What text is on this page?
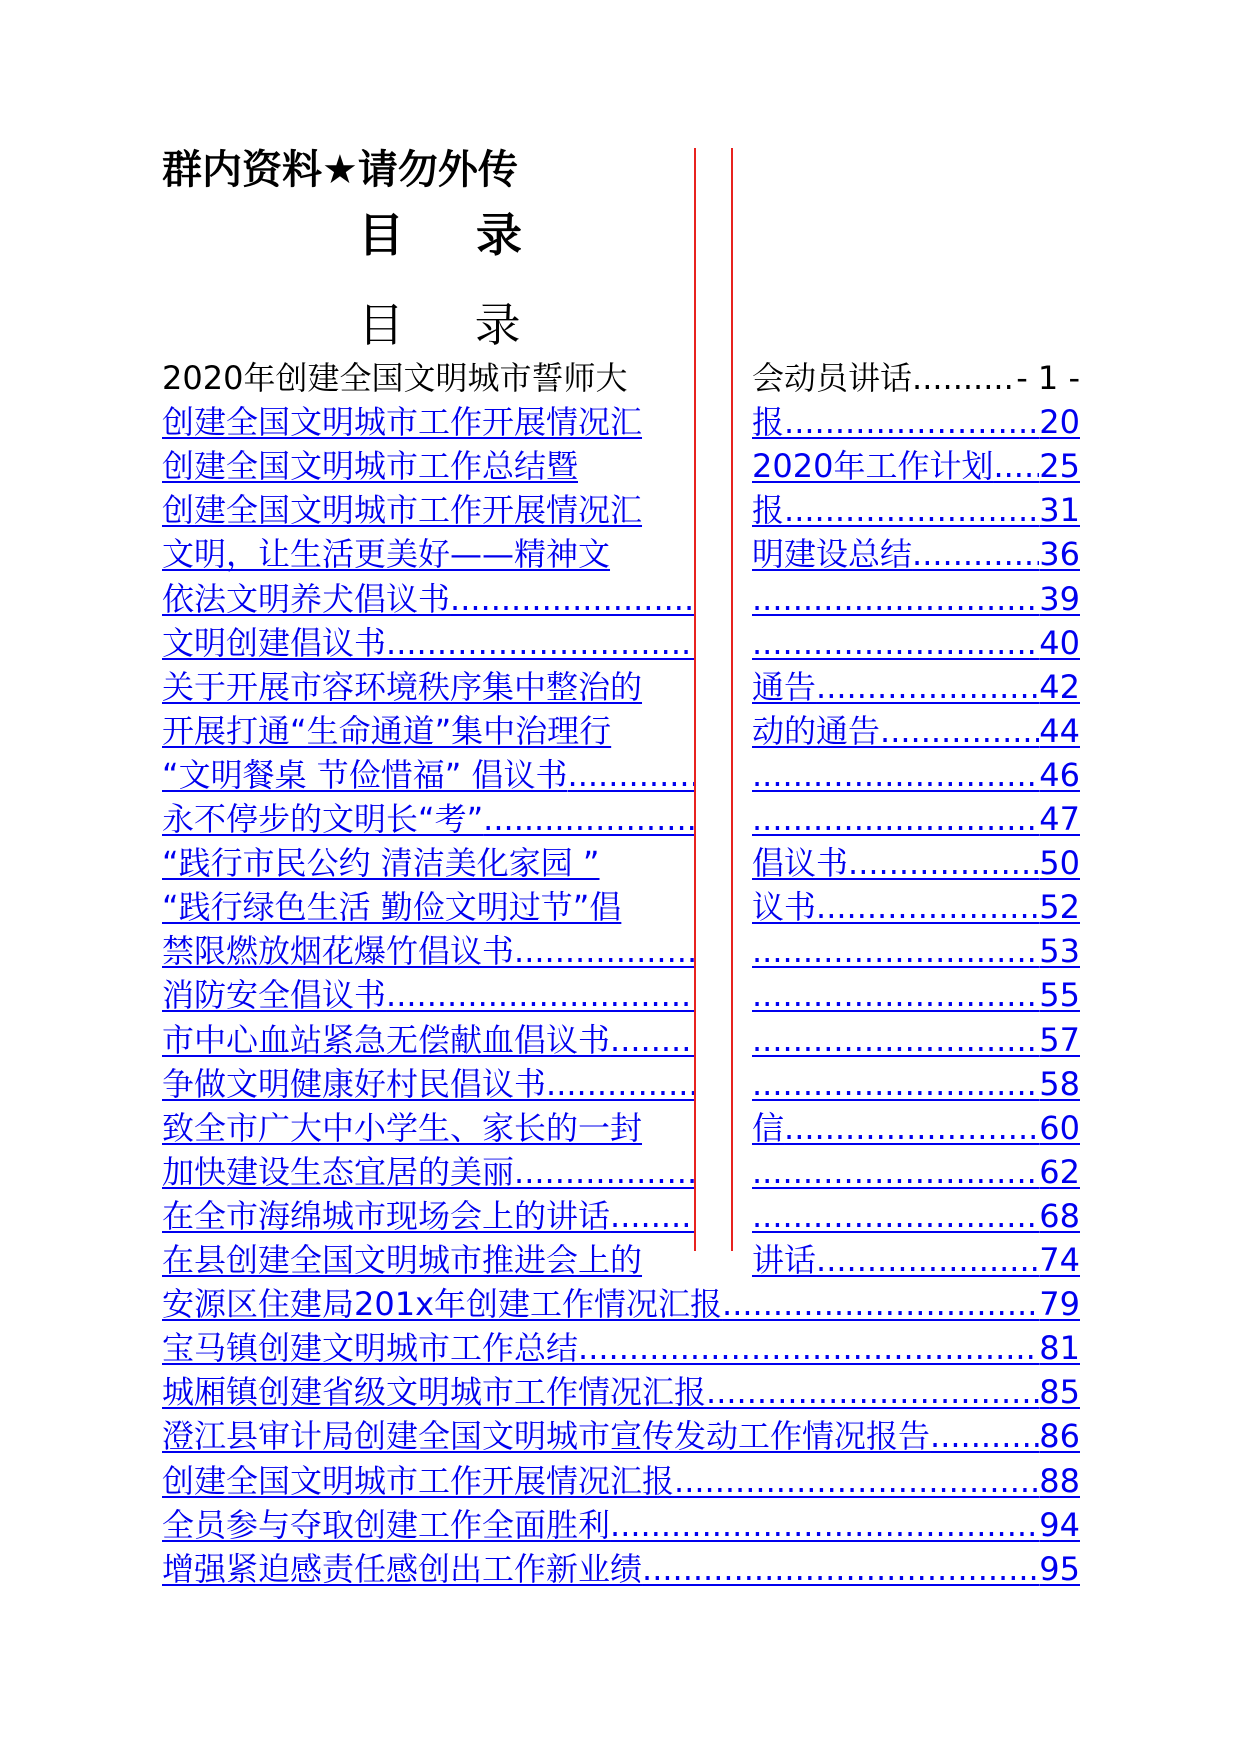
群内资料★请勿外传
目 录
目 录
2020年创建全国文明城市誓师大	会动员讲话 .....	- 1 -
创建全国文明城市工作开展情况汇	报 .....	20
创建全国文明城市工作总结暨	2020年工作计划 ..... 25
创建全国文明城市工作开展情况汇	报 .....	31
文明，让生活更美好——精神文	明建设总结 .....	36
依法文明养犬倡议书 ..... .....	39
文明创建倡议书 ..... .....	40
关于开展市容环境秩序集中整治的	通告 .....	42
开展打通“生命通道”集中治理行	动的通告 .....	44
“文明餐桌 节俭惜福” 倡议书 ..... .....	46
永不停步的文明长“考” ..... .....	47
“践行市民公约 清洁美化家园 ”	倡议书 .....	50
“践行绿色生活 勤俭文明过节”倡	议书 .....	52
禁限燃放烟花爆竹倡议书 ..... .....	53
消防安全倡议书 ..... .....	55
市中心血站紧急无偿献血倡议书 ..... .....	57
争做文明健康好村民倡议书 ..... .....	58
致全市广大中小学生、家长的一封	信 .....	60
加快建设生态宜居的美丽 ..... .....	62
在全市海绵城市现场会上的讲话 ..... .....	68
在县创建全国文明城市推进会上的	讲话 .....	74
安源区住建局201x年创建工作情况汇报 .....	79
宝马镇创建文明城市工作总结 .....	81
城厢镇创建省级文明城市工作情况汇报 .....	85
澄江县审计局创建全国文明城市宣传发动工作情况报告 .....	86
创建全国文明城市工作开展情况汇报 .....	88
全员参与夺取创建工作全面胜利 .....	94
增强紧迫感责任感创出工作新业绩 .....	95
